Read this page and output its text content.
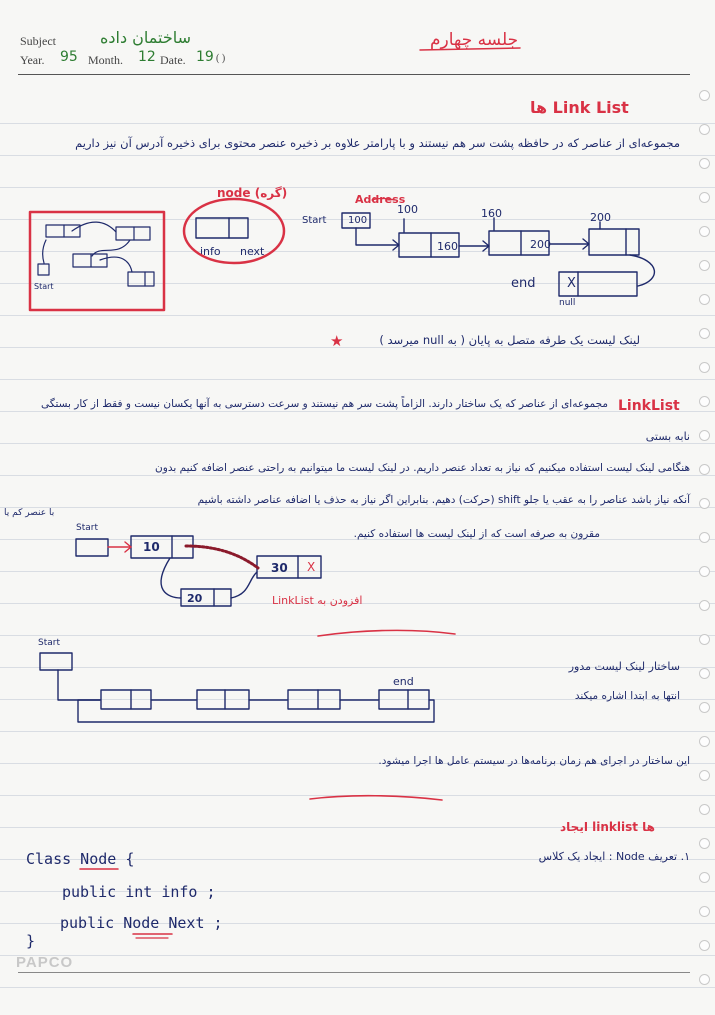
Subject	ساختمان داده
Year. 95 Month. 12 Date. 19 ( )
جلسه چهارم
ها Link List
مجموعه‌ای از عناصر که در حافظه پشت سر هم نیستند و با پارامتر علاوه بر ذخیره عنصر محتوی برای ذخیره آدرس آن نیز داریم
node (گره)
info next
Address
Start 100
100	160	200
160	200
end X
null
Start
لینک لیست یک طرفه متصل به پایان ( به null میرسد )
★
LinkList
مجموعه‌ای از عناصر که یک ساختار دارند. الزاماً پشت سر هم نیستند و سرعت دسترسی به آنها یکسان نیست و فقط از کار بستگی
نابه بستی
هنگامی لینک لیست استفاده میکنیم که نیاز به تعداد عنصر داریم. در لینک لیست ما میتوانیم به راحتی عنصر اضافه کنیم بدون
آنکه نیاز باشد عناصر را به عقب یا جلو shift (حرکت) دهیم. بنابراین اگر نیاز به حذف یا اضافه عناصر داشته باشیم
مقرون به صرفه است که از لینک لیست ها استفاده کنیم.
با عنصر کم یا
Start
10
30 X
20	LinkList افزودن به
Start
end
ساختار لینک لیست مدور
انتها به ابتدا اشاره میکند
این ساختار در اجرای هم زمان برنامه‌ها در سیستم عامل ها اجرا میشود.
ایجاد linklist ها
۱. تعریف Node : ایجاد یک کلاس
Class Node {
public int info ;
public Node Next ;
}
PAPCO
